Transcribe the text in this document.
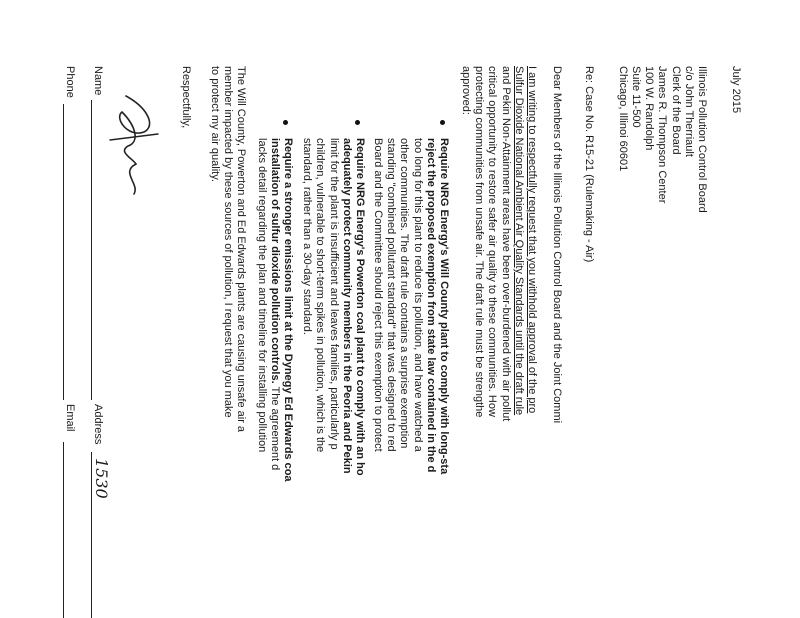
July 2015
Illinois Pollution Control Board
c/o John Therriault
Clerk of the Board
James R. Thompson Center
100 W. Randolph
Suite 11-500
Chicago, Illinoi 60601
Re: Case No. R15-21 (Rulemaking - Air)
Dear Members of the Illinois Pollution Control Board and the Joint Commi
I am writing to respectfully request that you withhold approval of the pro
Sulfur Dioxide National Ambient Air Quality Standards until the draft rule
and Pekin Non-Attainment areas have been over-burdened with air pollut
critical opportunity to restore safer air quality to these communities. How
protecting communities from unsafe air. The draft rule must be strengthe
approved:
Require NRG Energy's Will County plant to comply with long-sta
reject the proposed exemption from state law contained in the d
too long for this plant to reduce its pollution, and have watched a
other communities. The draft rule contains a surprise exemption
standing "combined pollutant standard" that was designed to red
Board and the Committee should reject this exemption to protect
Require NRG Energy's Powerton coal plant to comply with an ho
adequately protect community members in the Peoria and Pekin
limit for the plant is insufficient and leaves families, particularly p
children, vulnerable to short-term spikes in pollution, which is the
standard, rather than a 30-day standard.
Require a stronger emissions limit at the Dynegy Ed Edwards coa
installation of sulfur dioxide pollution controls. The agreement d
lacks detail regarding the plan and timeline for installing pollution
The Will County, Powerton and Ed Edwards plants are causing unsafe air a
member impacted by these sources of pollution, I request that you make
to protect my air quality.
Respectfully,
Name
Address
1530
Phone
Email
